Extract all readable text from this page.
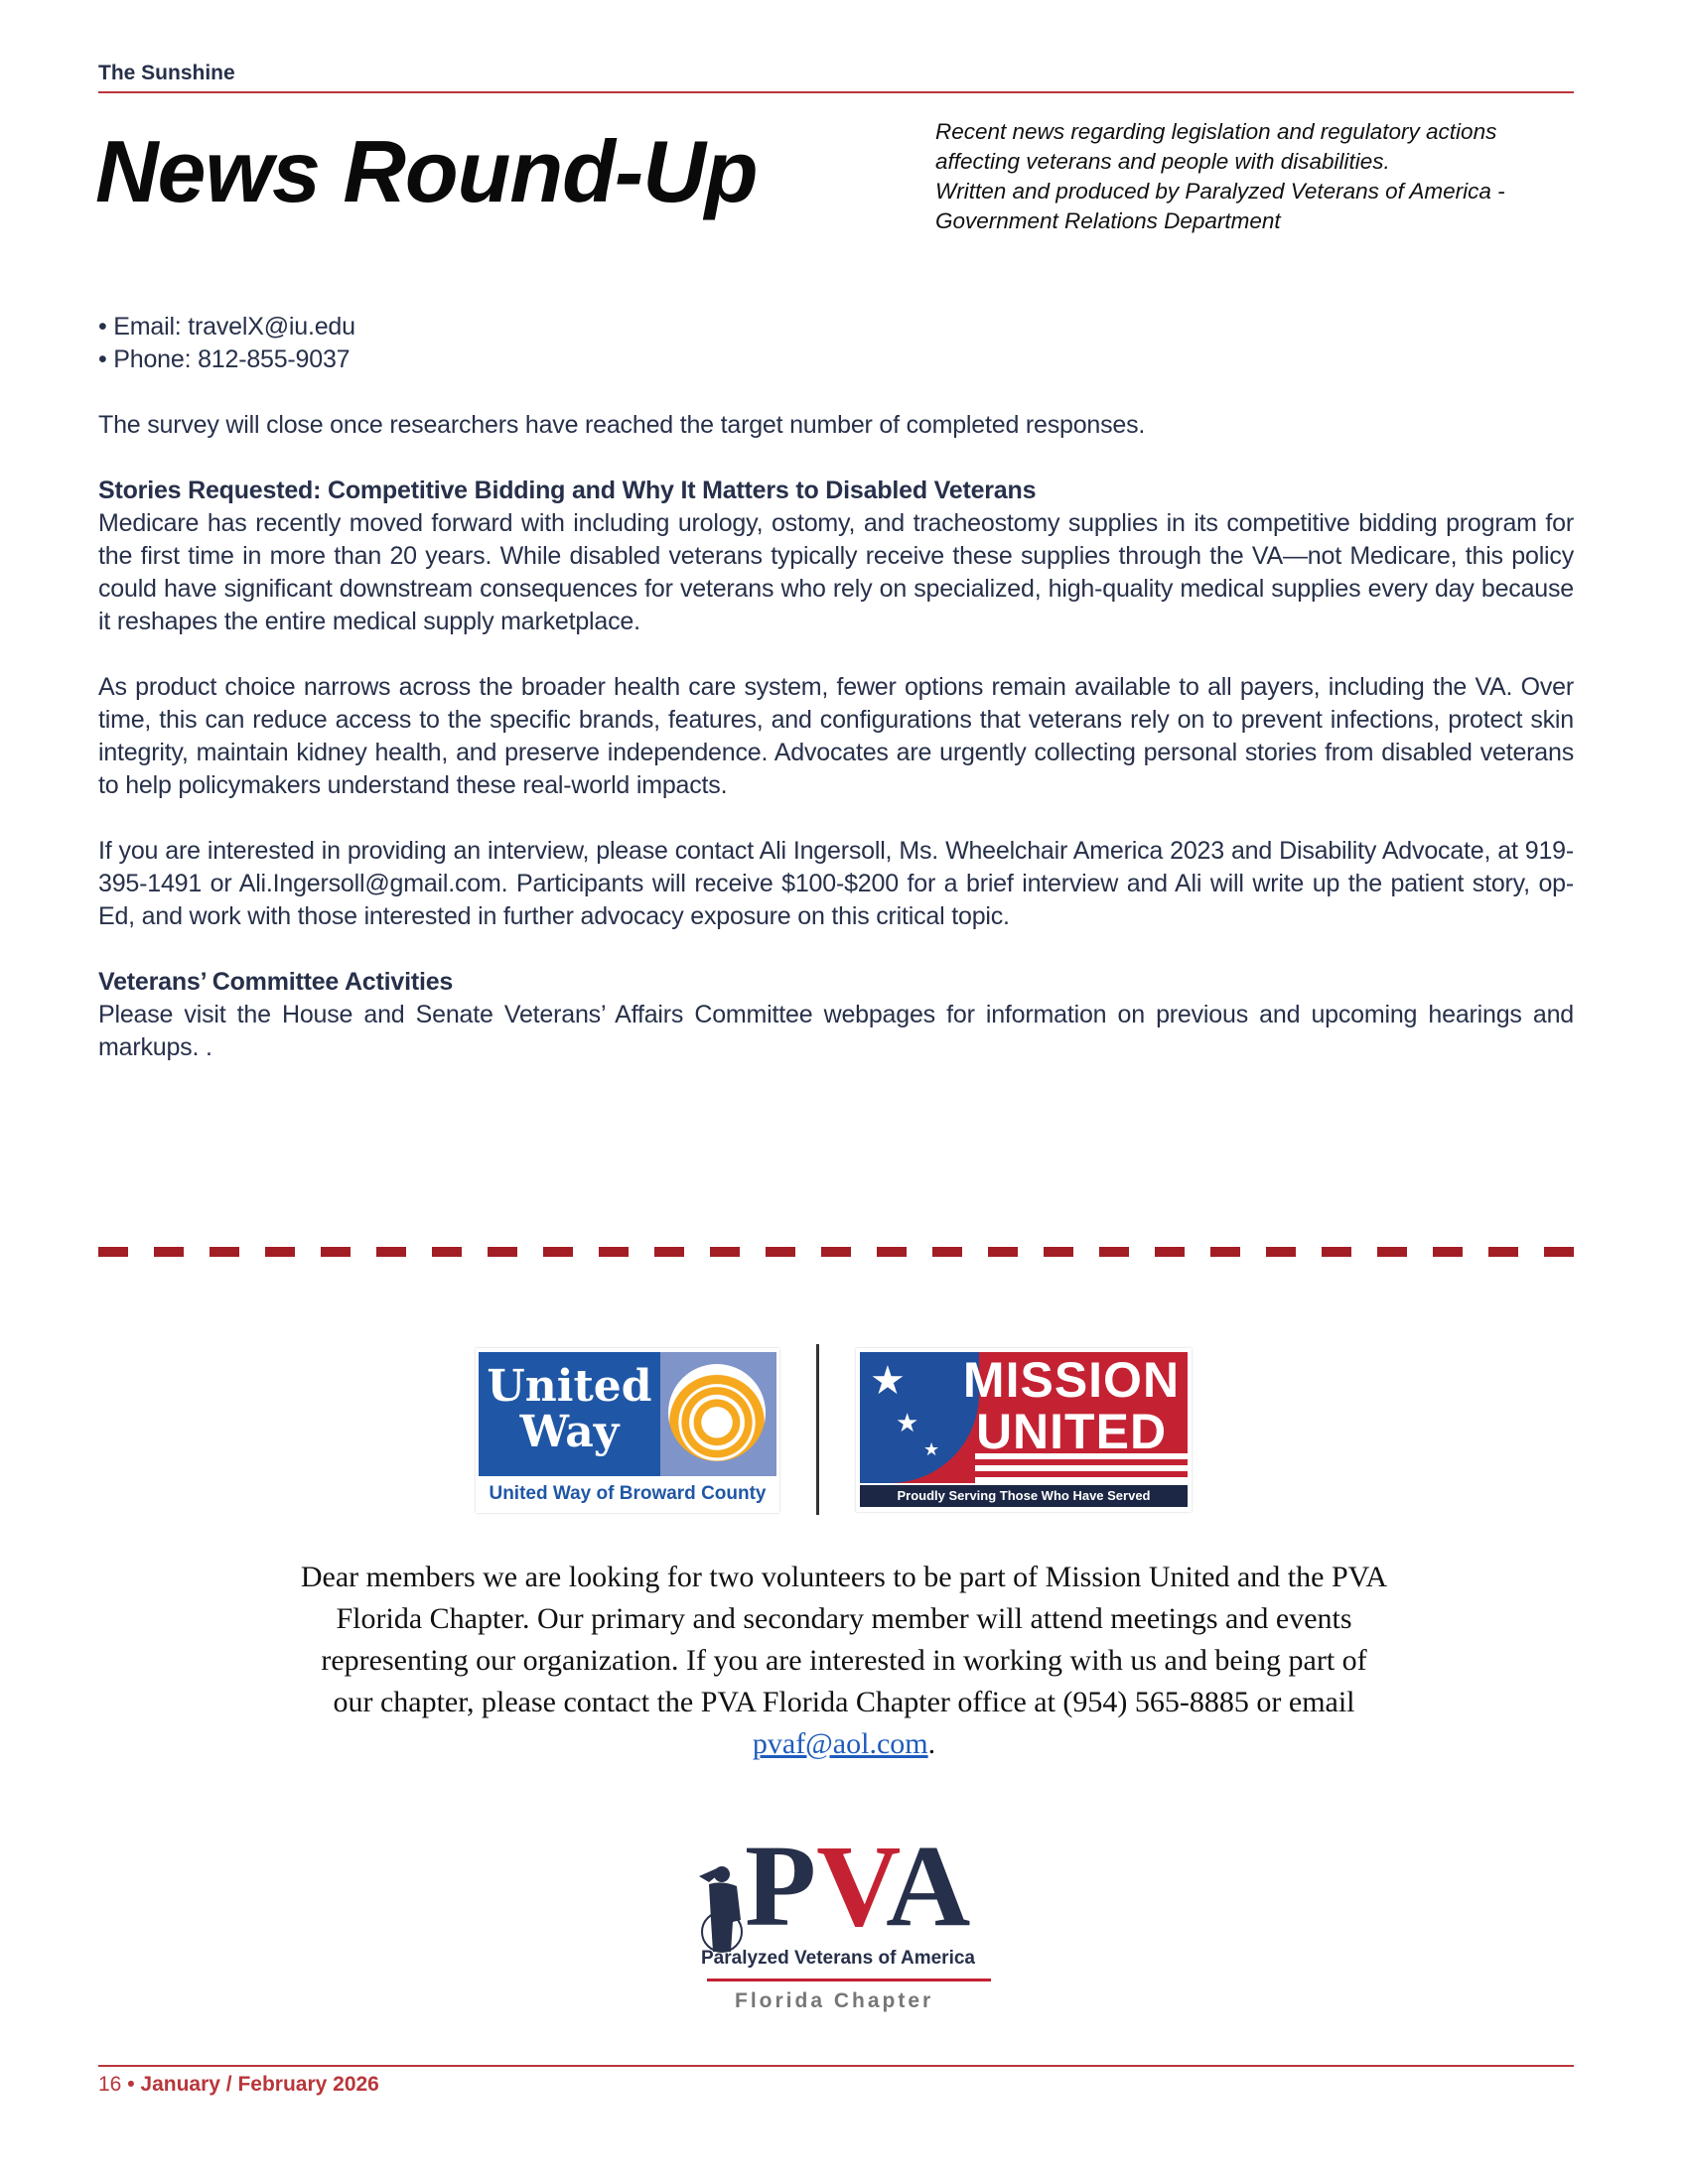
The Sunshine
News Round-Up	Recent news regarding legislation and regulatory actions affecting veterans and people with disabilities.
Written and produced by Paralyzed Veterans of America - Government Relations Department

• Email: travelX@iu.edu
• Phone: 812-855-9037

The survey will close once researchers have reached the target number of completed responses.

Stories Requested: Competitive Bidding and Why It Matters to Disabled Veterans

Medicare has recently moved forward with including urology, ostomy, and tracheostomy supplies in its competitive bidding program for the first time in more than 20 years. While disabled veterans typically receive these supplies through the VA—not Medicare, this policy could have significant downstream consequences for veterans who rely on specialized, high-quality medical supplies every day because it reshapes the entire medical supply marketplace.

As product choice narrows across the broader health care system, fewer options remain available to all payers, including the VA. Over time, this can reduce access to the specific brands, features, and configurations that veterans rely on to prevent infections, protect skin integrity, maintain kidney health, and preserve independence. Advocates are urgently collecting personal stories from disabled veterans to help policymakers understand these real-world impacts.

If you are interested in providing an interview, please contact Ali Ingersoll, Ms. Wheelchair America 2023 and Disability Advocate, at 919-395-1491 or Ali.Ingersoll@gmail.com. Participants will receive $100-$200 for a brief interview and Ali will write up the patient story, op-Ed, and work with those interested in further advocacy exposure on this critical topic.

Veterans’ Committee Activities

Please visit the House and Senate Veterans’ Affairs Committee webpages for information on previous and upcoming hearings and markups. .

United
Way
United Way of Broward County
★
★
★
MISSION
UNITED
Proudly Serving Those Who Have Served
Dear members we are looking for two volunteers to be part of Mission United and the PVA Florida Chapter. Our primary and secondary member will attend meetings and events representing our organization. If you are interested in working with us and being part of our chapter, please contact the PVA Florida Chapter office at (954) 565-8885 or email pvaf@aol.com.
PVA
Paralyzed Veterans of America
Florida Chapter
16 • January / February 2026
